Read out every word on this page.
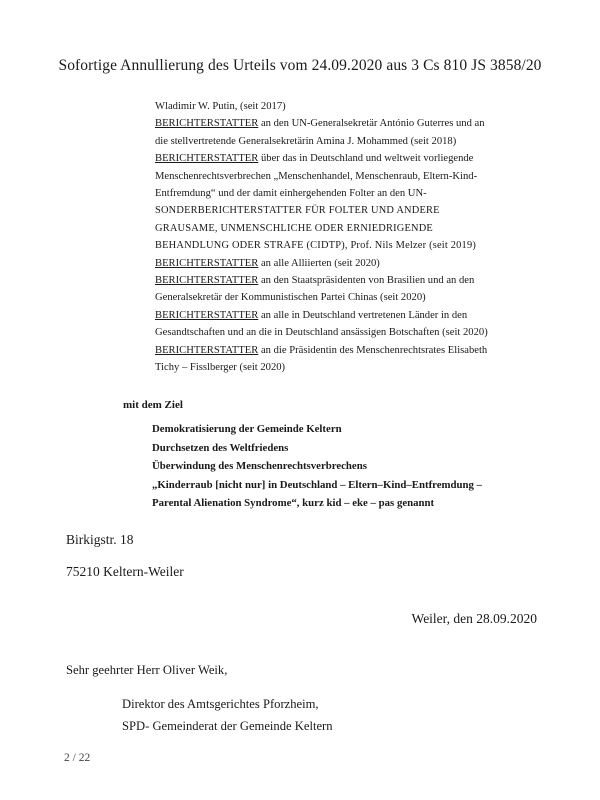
Sofortige Annullierung des Urteils vom 24.09.2020 aus 3 Cs 810 JS 3858/20
Wladimir W. Putin, (seit 2017)
BERICHTERSTATTER an den UN-Generalsekretär António Guterres und an
die stellvertretende Generalsekretärin Amina J. Mohammed (seit 2018)
BERICHTERSTATTER über das in Deutschland und weltweit vorliegende
Menschenrechtsverbrechen „Menschenhandel, Menschenraub, Eltern-Kind-
Entfremdung“ und der damit einhergehenden Folter an den UN-
SONDERBERICHTERSTATTER FÜR FOLTER UND ANDERE
GRAUSAME, UNMENSCHLICHE ODER ERNIEDRIGENDE
BEHANDLUNG ODER STRAFE (CIDTP), Prof. Nils Melzer (seit 2019)
BERICHTERSTATTER an alle Alliierten (seit 2020)
BERICHTERSTATTER an den Staatspräsidenten von Brasilien und an den
Generalsekretär der Kommunistischen Partei Chinas (seit 2020)
BERICHTERSTATTER an alle in Deutschland vertretenen Länder in den
Gesandtschaften und an die in Deutschland ansässigen Botschaften (seit 2020)
BERICHTERSTATTER an die Präsidentin des Menschenrechtsrates Elisabeth
Tichy – Fisslberger (seit 2020)
mit dem Ziel
Demokratisierung der Gemeinde Keltern
Durchsetzen des Weltfriedens
Überwindung des Menschenrechtsverbrechens
„Kinderraub [nicht nur] in Deutschland – Eltern–Kind–Entfremdung –
Parental Alienation Syndrome“, kurz kid – eke – pas genannt
Birkigstr. 18
75210 Keltern-Weiler
Weiler, den 28.09.2020
Sehr geehrter Herr Oliver Weik,
Direktor des Amtsgerichtes Pforzheim,
SPD- Gemeinderat der Gemeinde Keltern
2 / 22
